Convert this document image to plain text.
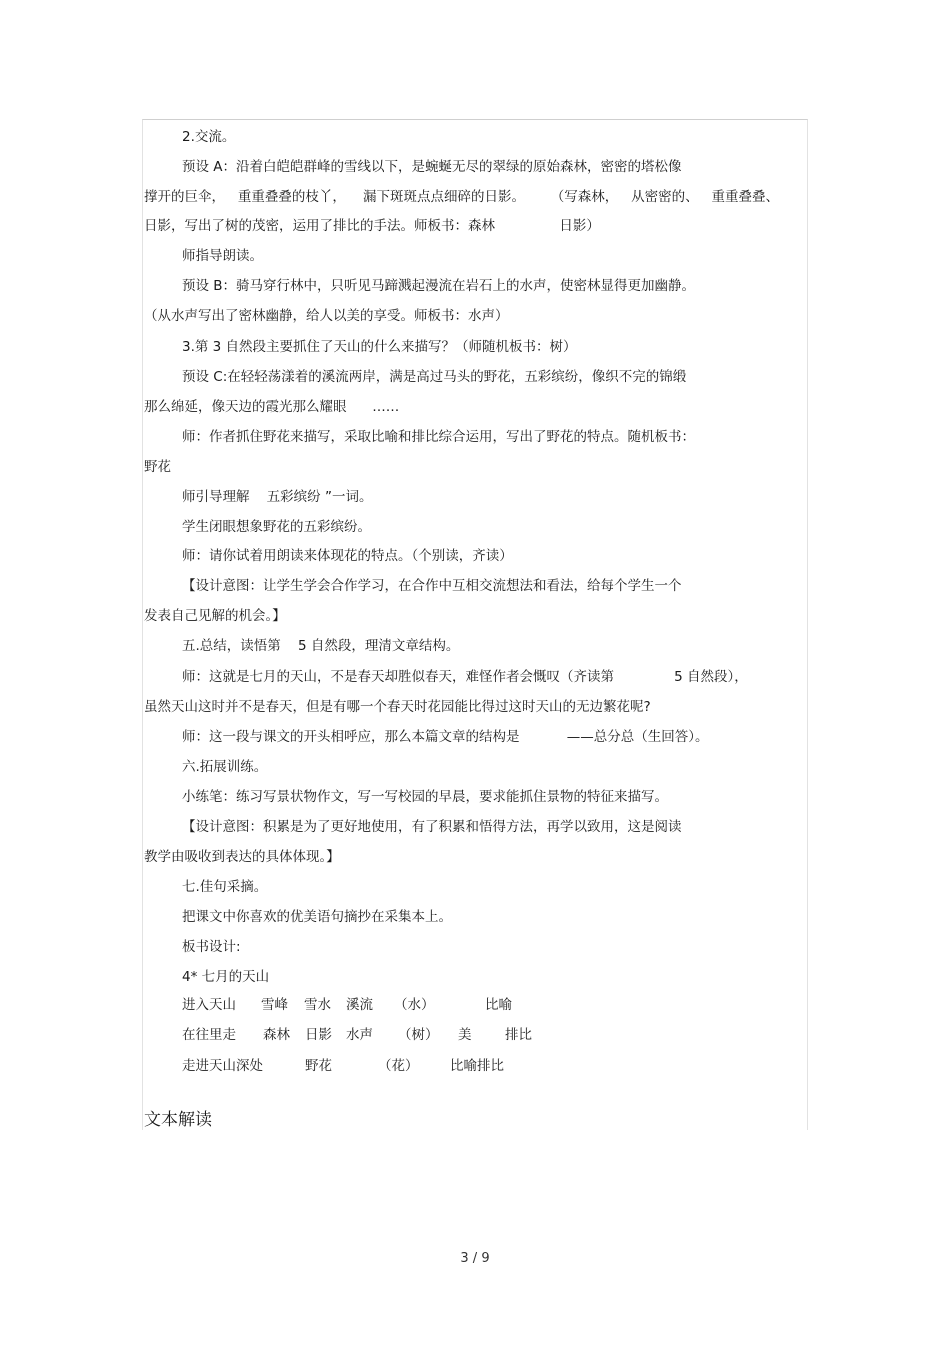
2.交流。
预设 A：沿着白皑皑群峰的雪线以下，是蜿蜒无尽的翠绿的原始森林，密密的塔松像
撑开的巨伞，   重重叠叠的枝丫，    漏下斑斑点点细碎的日影。      （写森林，   从密密的、   重重叠叠、
日影，写出了树的茂密，运用了排比的手法。师板书：森林               日影）
师指导朗读。
预设 B：骑马穿行林中，只听见马蹄溅起漫流在岩石上的水声，使密林显得更加幽静。
（从水声写出了密林幽静，给人以美的享受。师板书：水声）
3.第 3 自然段主要抓住了天山的什么来描写？（师随机板书：树）
预设 C:在轻轻荡漾着的溪流两岸，满是高过马头的野花，五彩缤纷，像织不完的锦缎
那么绵延，像天边的霞光那么耀眼      ……
师：作者抓住野花来描写，采取比喻和排比综合运用，写出了野花的特点。随机板书：
野花
师引导理解    五彩缤纷 ”一词。
学生闭眼想象野花的五彩缤纷。
师：请你试着用朗读来体现花的特点。（个别读，齐读）
【设计意图：让学生学会合作学习，在合作中互相交流想法和看法，给每个学生一个
发表自己见解的机会。】
五.总结，读悟第    5 自然段，理清文章结构。
师：这就是七月的天山，不是春天却胜似春天，难怪作者会慨叹（齐读第              5 自然段），
虽然天山这时并不是春天，但是有哪一个春天时花园能比得过这时天山的无边繁花呢?
师：这一段与课文的开头相呼应，那么本篇文章的结构是           ——总分总（生回答）。
六.拓展训练。
小练笔：练习写景状物作文，写一写校园的早晨，要求能抓住景物的特征来描写。
【设计意图：积累是为了更好地使用，有了积累和悟得方法，再学以致用，这是阅读
教学由吸收到表达的具体体现。】
七.佳句采摘。
把课文中你喜欢的优美语句摘抄在采集本上。
板书设计:
4* 七月的天山
进入天山 雪峰 雪水 溪流 （水）	比喻
在往里走 森林 日影 水声 （树） 美 排比
走进天山深处	野花	（花） 比喻排比
文本解读
3 / 9
